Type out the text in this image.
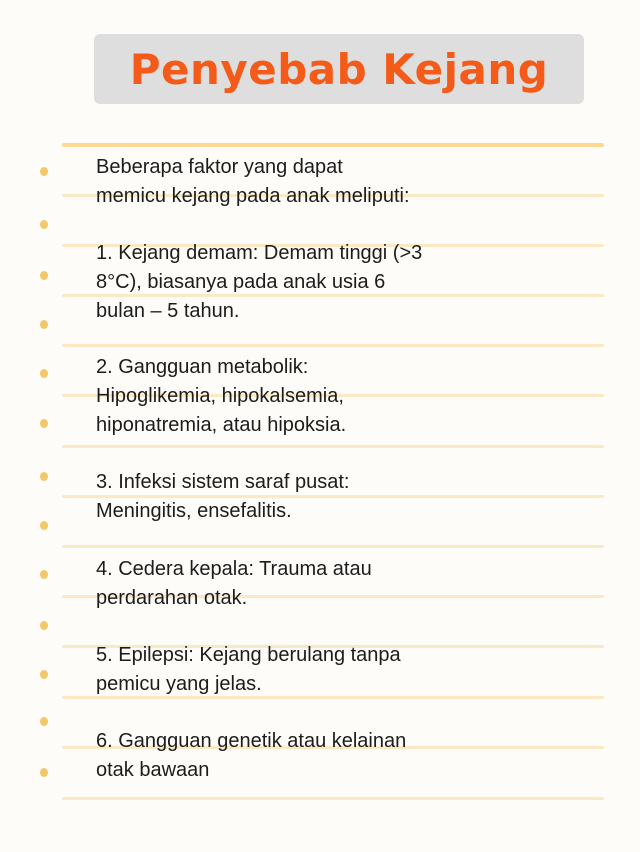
Penyebab Kejang
Beberapa faktor yang dapat
memicu kejang pada anak meliputi:
1. Kejang demam: Demam tinggi (>3
8°C), biasanya pada anak usia 6
bulan – 5 tahun.
2. Gangguan metabolik:
Hipoglikemia, hipokalsemia,
hiponatremia, atau hipoksia.
3. Infeksi sistem saraf pusat:
Meningitis, ensefalitis.
4. Cedera kepala: Trauma atau
perdarahan otak.
5. Epilepsi: Kejang berulang tanpa
pemicu yang jelas.
6. Gangguan genetik atau kelainan
otak bawaan
